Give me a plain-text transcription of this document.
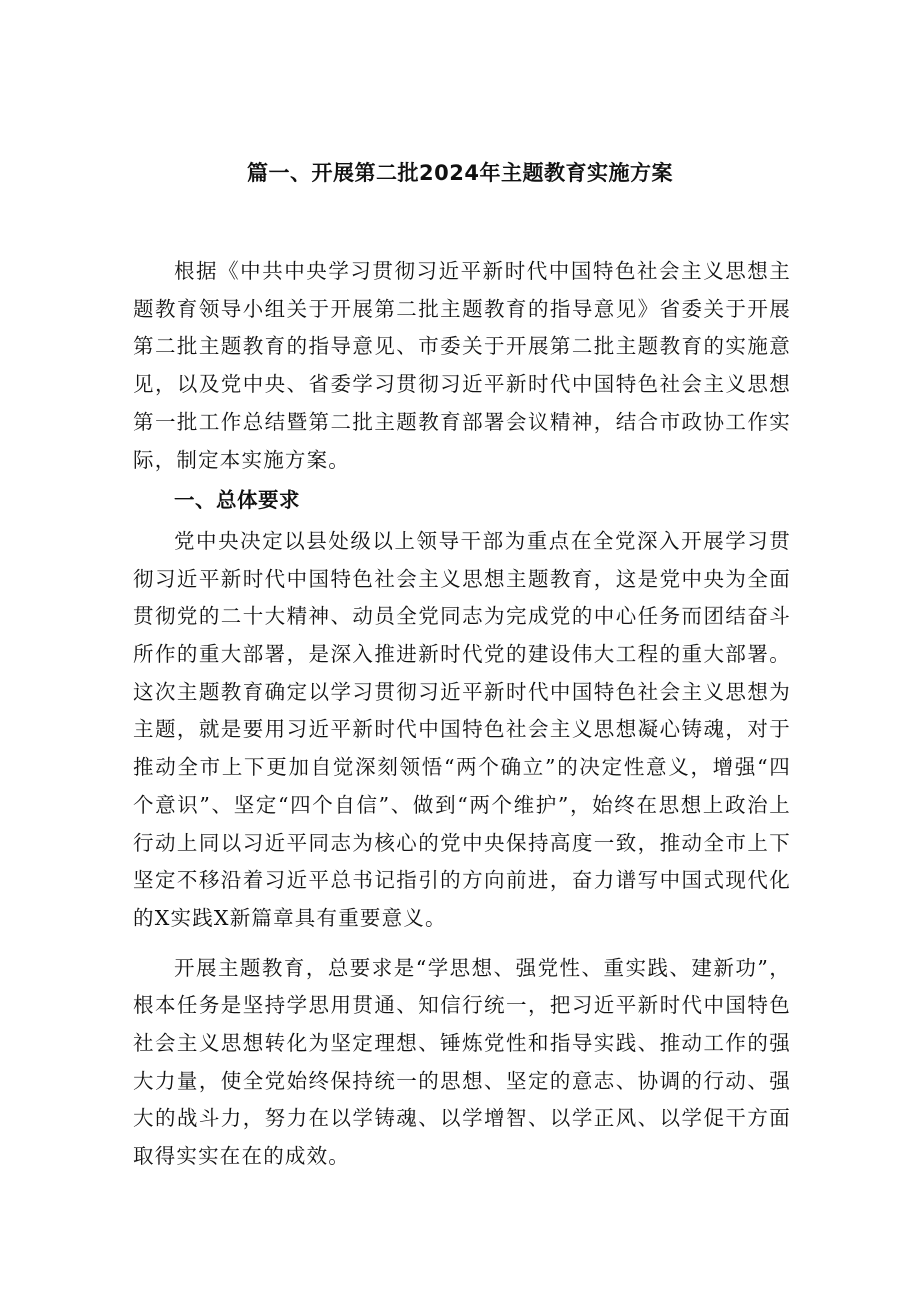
篇一、开展第二批2024年主题教育实施方案

根据《中共中央学习贯彻习近平新时代中国特色社会主义思想主题教育领导小组关于开展第二批主题教育的指导意见》省委关于开展第二批主题教育的指导意见、市委关于开展第二批主题教育的实施意见，以及党中央、省委学习贯彻习近平新时代中国特色社会主义思想第一批工作总结暨第二批主题教育部署会议精神，结合市政协工作实际，制定本实施方案。

一、总体要求

党中央决定以县处级以上领导干部为重点在全党深入开展学习贯彻习近平新时代中国特色社会主义思想主题教育，这是党中央为全面贯彻党的二十大精神、动员全党同志为完成党的中心任务而团结奋斗所作的重大部署，是深入推进新时代党的建设伟大工程的重大部署。这次主题教育确定以学习贯彻习近平新时代中国特色社会主义思想为主题，就是要用习近平新时代中国特色社会主义思想凝心铸魂，对于推动全市上下更加自觉深刻领悟“两个确立”的决定性意义，增强“四个意识”、坚定“四个自信”、做到“两个维护”，始终在思想上政治上行动上同以习近平同志为核心的党中央保持高度一致，推动全市上下坚定不移沿着习近平总书记指引的方向前进，奋力谱写中国式现代化的X实践X新篇章具有重要意义。

开展主题教育，总要求是“学思想、强党性、重实践、建新功”，根本任务是坚持学思用贯通、知信行统一，把习近平新时代中国特色社会主义思想转化为坚定理想、锤炼党性和指导实践、推动工作的强大力量，使全党始终保持统一的思想、坚定的意志、协调的行动、强大的战斗力，努力在以学铸魂、以学增智、以学正风、以学促干方面取得实实在在的成效。
